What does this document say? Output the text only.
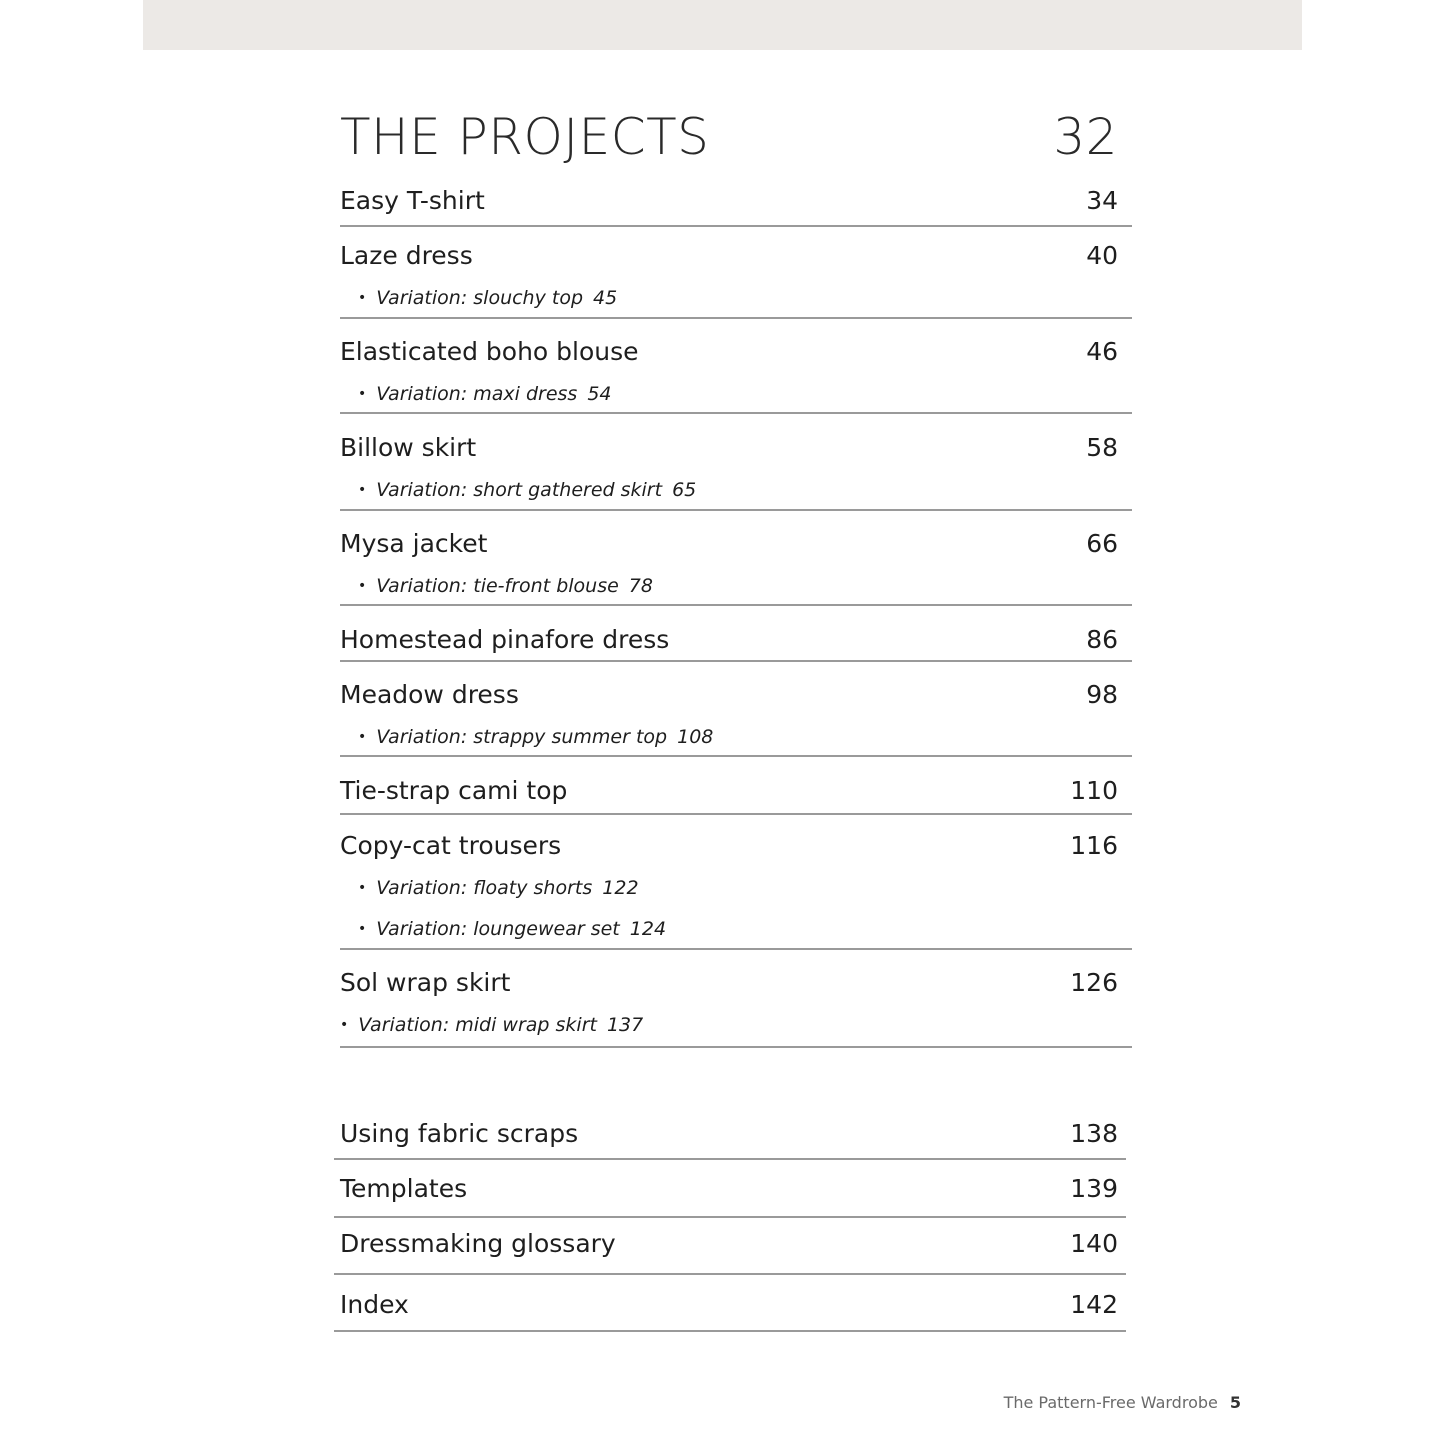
THE PROJECTS	32
Easy T-shirt	34
Laze dress	40
• Variation: slouchy top 45
Elasticated boho blouse	46
• Variation: maxi dress 54
Billow skirt	58
• Variation: short gathered skirt 65
Mysa jacket	66
• Variation: tie-front blouse 78
Homestead pinafore dress	86
Meadow dress	98
• Variation: strappy summer top 108
Tie-strap cami top	110
Copy-cat trousers	116
• Variation: floaty shorts 122
• Variation: loungewear set 124
Sol wrap skirt	126
• Variation: midi wrap skirt 137
Using fabric scraps	138
Templates	139
Dressmaking glossary	140
Index	142
The Pattern-Free Wardrobe 5
